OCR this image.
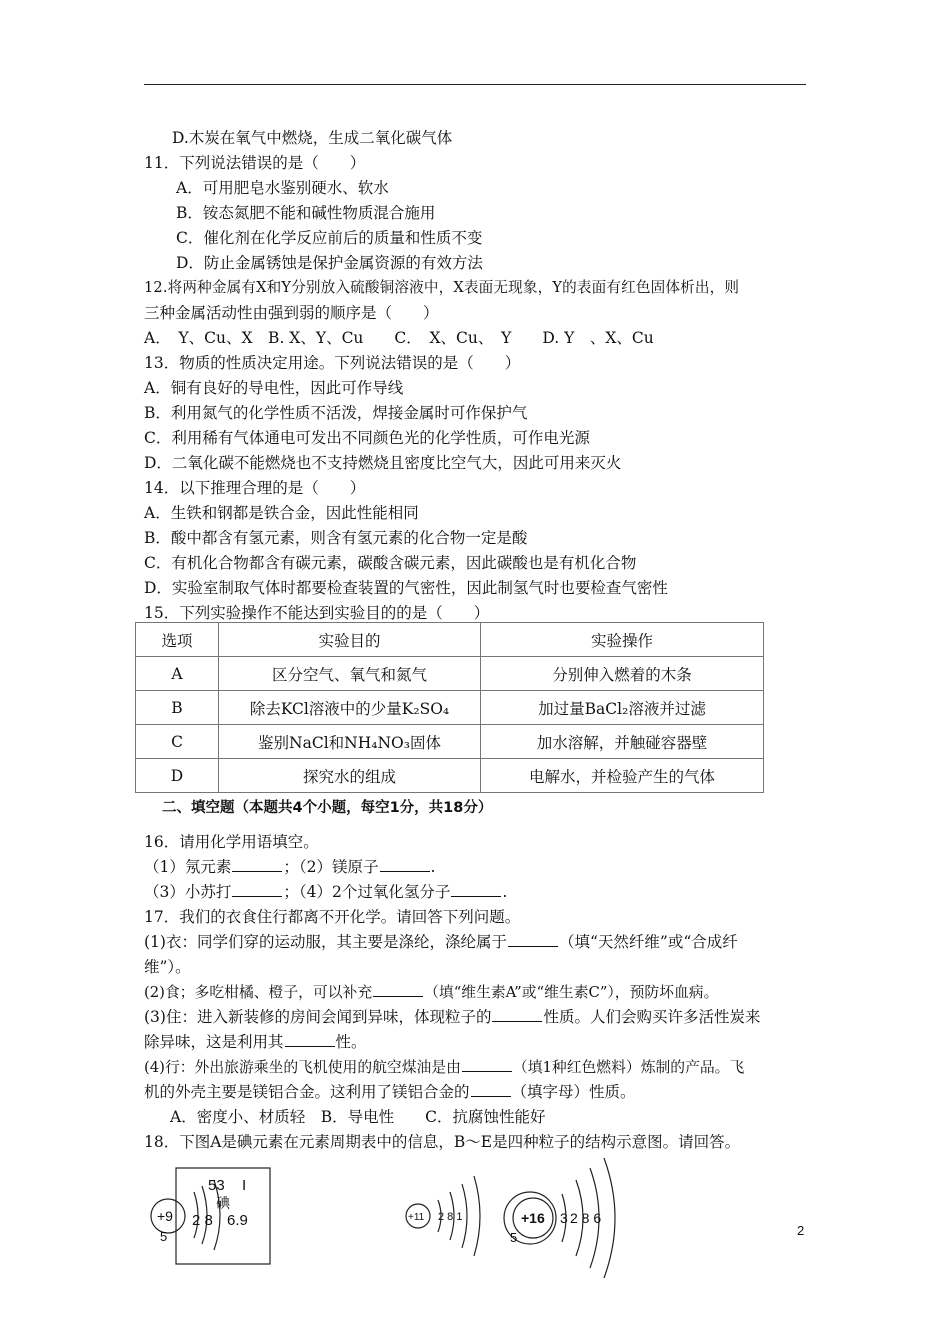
D.木炭在氧气中燃烧，生成二氧化碳气体
11．下列说法错误的是（　　）
A．可用肥皂水鉴别硬水、软水
B．铵态氮肥不能和碱性物质混合施用
C．催化剂在化学反应前后的质量和性质不变
D．防止金属锈蚀是保护金属资源的有效方法
12.将两种金属有X和Y分别放入硫酸铜溶液中，X表面无现象，Y的表面有红色固体析出，则
三种金属活动性由强到弱的顺序是（　　）
A．　Y、Cu、X　B. X、Y、Cu　　C．　X、Cu、　Y　　D. Y　、X、Cu
13．物质的性质决定用途。下列说法错误的是（　　）
A．铜有良好的导电性，因此可作导线
B．利用氮气的化学性质不活泼，焊接金属时可作保护气
C．利用稀有气体通电可发出不同颜色光的化学性质，可作电光源
D．二氧化碳不能燃烧也不支持燃烧且密度比空气大，因此可用来灭火
14．以下推理合理的是（　　）
A．生铁和钢都是铁合金，因此性能相同
B．酸中都含有氢元素，则含有氢元素的化合物一定是酸
C．有机化合物都含有碳元素，碳酸含碳元素，因此碳酸也是有机化合物
D．实验室制取气体时都要检查装置的气密性，因此制氢气时也要检查气密性
15．下列实验操作不能达到实验目的的是（　　）
选项	实验目的	实验操作
A	区分空气、氧气和氮气	分别伸入燃着的木条
B	除去KCl溶液中的少量K₂SO₄	加过量BaCl₂溶液并过滤
C	鉴别NaCl和NH₄NO₃固体	加水溶解，并触碰容器壁
D	探究水的组成	电解水，并检验产生的气体
二、填空题（本题共4个小题，每空1分，共18分）
16．请用化学用语填空。
（1）氖元素	；（2）镁原子	.
（3）小苏打	；（4）2个过氧化氢分子	.
17．我们的衣食住行都离不开化学。请回答下列问题。
(1)衣：同学们穿的运动服，其主要是涤纶，涤纶属于	（填“天然纤维”或“合成纤
维”）。
(2)食；多吃柑橘、橙子，可以补充	（填“维生素A”或“维生素C”），预防坏血病。
(3)住：进入新装修的房间会闻到异味，体现粒子的	性质。人们会购买许多活性炭来
除异味，这是利用其	性。
(4)行：外出旅游乘坐的飞机使用的航空煤油是由	（填1种红色燃料）炼制的产品。飞
机的外壳主要是镁铝合金。这利用了镁铝合金的	（填字母）性质。
A．密度小、材质轻　B．导电性　　C．抗腐蚀性能好
18．下图A是碘元素在元素周期表中的信息，B～E是四种粒子的结构示意图。请回答。
53 I
碘
6.9
+9 2 8
5
+11 2 8 1	+16 3 2 8 6
5	2
